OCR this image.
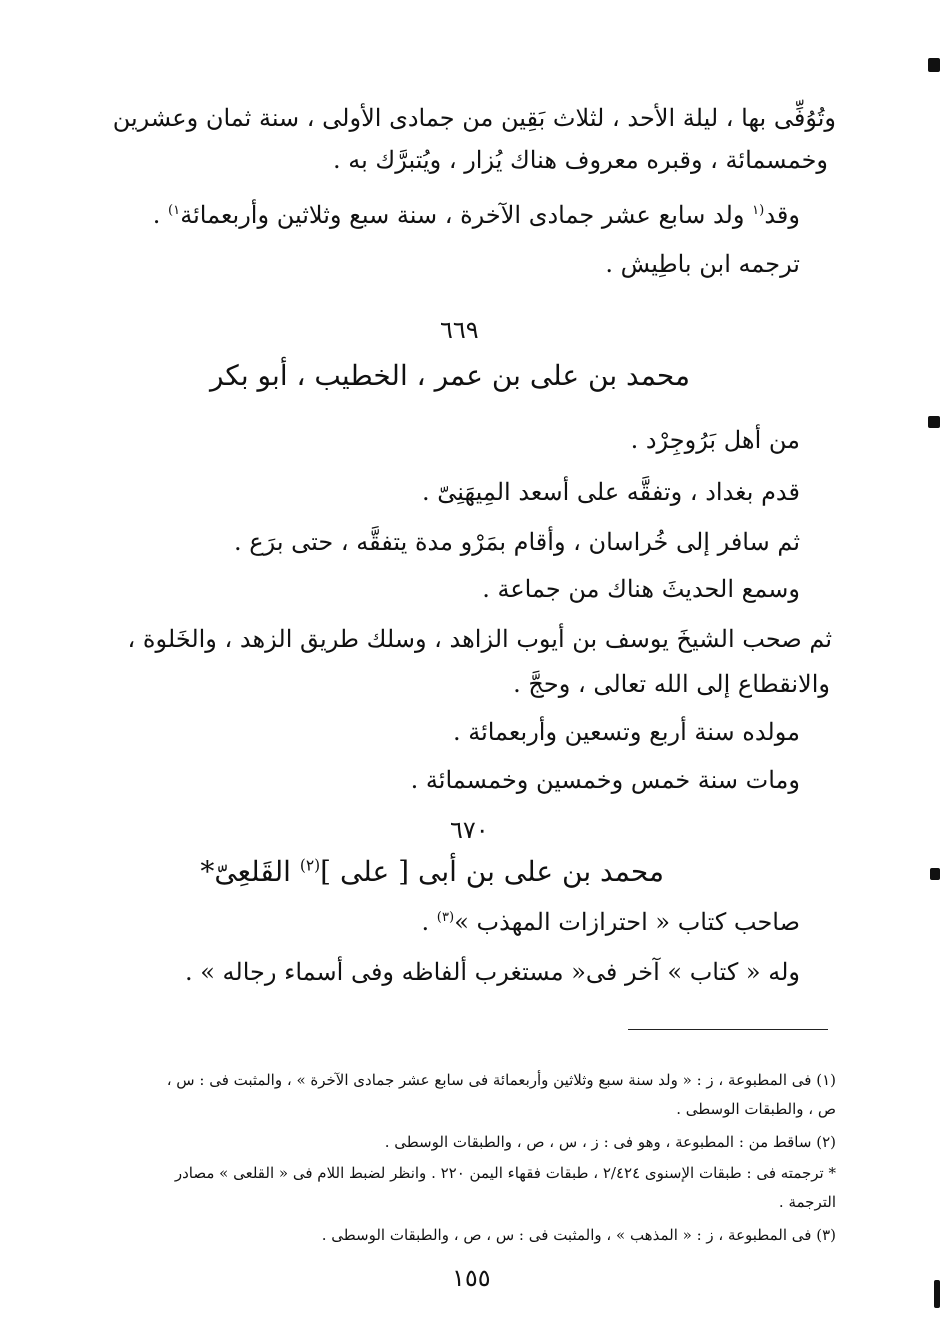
وتُوُفِّى بها ، ليلة الأحد ، لثلاث بَقِين من جمادى الأولى ، سنة ثمان وعشرين
وخمسمائة ، وقبره معروف هناك يُزار ، ويُتبرَّك به .
وقد$^{(١}$ ولد سابع عشر جمادى الآخرة ، سنة سبع وثلاثين وأربعمائة$^{١)}$ .
ترجمه ابن باطِيش .
٦٦٩
محمد بن على بن عمر ، الخطيب ، أبو بكر
من أهل بَرُوجِرْد .
قدم بغداد ، وتفقَّه على أسعد المِيهَنِىّ .
ثم سافر إلى خُراسان ، وأقام بمَرْو مدة يتفقَّه ، حتى برَع .
وسمع الحديثَ هناك من جماعة .
ثم صحب الشيخَ يوسف بن أيوب الزاهد ، وسلك طريق الزهد ، والخَلوة ،
والانقطاع إلى الله تعالى ، وحجَّ .
مولده سنة أربع وتسعين وأربعمائة .
ومات سنة خمس وخمسين وخمسمائة .
٦٧٠
محمد بن على بن أبى [ على ]$^{(٢)}$ القَلعِىّ*
صاحب كتاب « احترازات المهذب »$^{(٣)}$ .
وله « كتاب » آخر فى« مستغرب ألفاظه وفى أسماء رجاله » .
(١) فى المطبوعة ، ز : « ولد سنة سبع وثلاثين وأربعمائة فى سابع عشر جمادى الآخرة » ، والمثبت فى : س ،
ص ، والطبقات الوسطى .
(٢) ساقط من : المطبوعة ، وهو فى : ز ، س ، ص ، والطبقات الوسطى .
* ترجمته فى : طبقات الإسنوى ٢/٤٢٤ ، طبقات فقهاء اليمن ٢٢٠ . وانظر لضبط اللام فى « القلعى » مصادر
الترجمة .
(٣) فى المطبوعة ، ز : « المذهب » ، والمثبت فى : س ، ص ، والطبقات الوسطى .
١٥٥
